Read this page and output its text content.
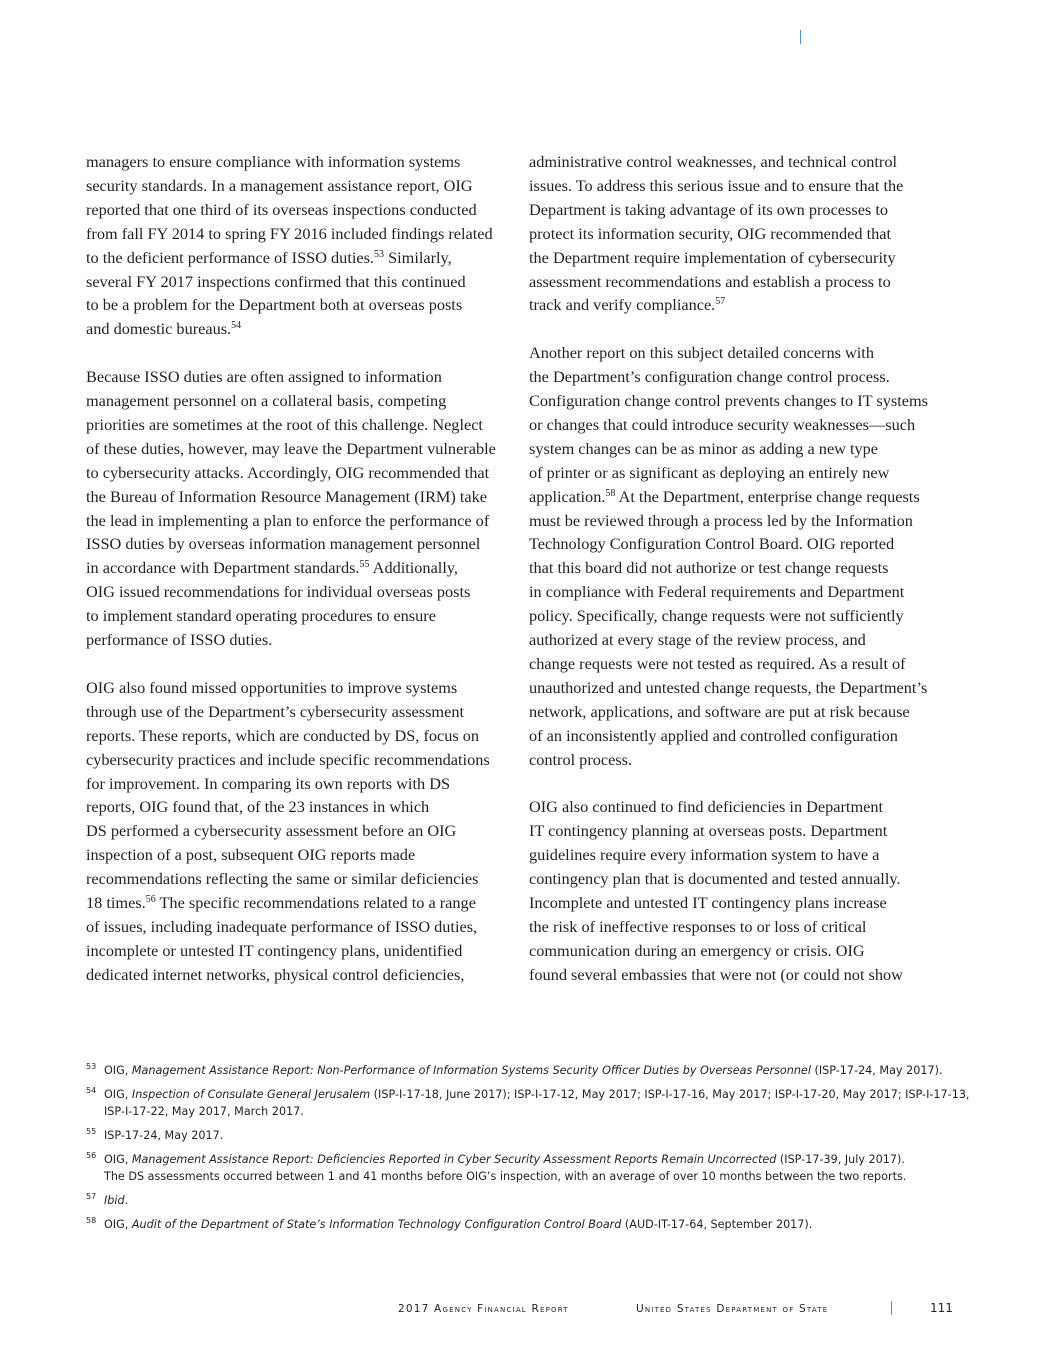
managers to ensure compliance with information systems
security standards. In a management assistance report, OIG
reported that one third of its overseas inspections conducted
from fall FY 2014 to spring FY 2016 included findings related
to the deficient performance of ISSO duties.$^{53}$ Similarly,
several FY 2017 inspections confirmed that this continued
to be a problem for the Department both at overseas posts
and domestic bureaus.$^{54}$

Because ISSO duties are often assigned to information
management personnel on a collateral basis, competing
priorities are sometimes at the root of this challenge. Neglect
of these duties, however, may leave the Department vulnerable
to cybersecurity attacks. Accordingly, OIG recommended that
the Bureau of Information Resource Management (IRM) take
the lead in implementing a plan to enforce the performance of
ISSO duties by overseas information management personnel
in accordance with Department standards.$^{55}$ Additionally,
OIG issued recommendations for individual overseas posts
to implement standard operating procedures to ensure
performance of ISSO duties.

OIG also found missed opportunities to improve systems
through use of the Department’s cybersecurity assessment
reports. These reports, which are conducted by DS, focus on
cybersecurity practices and include specific recommendations
for improvement. In comparing its own reports with DS
reports, OIG found that, of the 23 instances in which
DS performed a cybersecurity assessment before an OIG
inspection of a post, subsequent OIG reports made
recommendations reflecting the same or similar deficiencies
18 times.$^{56}$ The specific recommendations related to a range
of issues, including inadequate performance of ISSO duties,
incomplete or untested IT contingency plans, unidentified
dedicated internet networks, physical control deficiencies,

administrative control weaknesses, and technical control
issues. To address this serious issue and to ensure that the
Department is taking advantage of its own processes to
protect its information security, OIG recommended that
the Department require implementation of cybersecurity
assessment recommendations and establish a process to
track and verify compliance.$^{57}$

Another report on this subject detailed concerns with
the Department’s configuration change control process.
Configuration change control prevents changes to IT systems
or changes that could introduce security weaknesses—such
system changes can be as minor as adding a new type
of printer or as significant as deploying an entirely new
application.$^{58}$ At the Department, enterprise change requests
must be reviewed through a process led by the Information
Technology Configuration Control Board. OIG reported
that this board did not authorize or test change requests
in compliance with Federal requirements and Department
policy. Specifically, change requests were not sufficiently
authorized at every stage of the review process, and
change requests were not tested as required. As a result of
unauthorized and untested change requests, the Department’s
network, applications, and software are put at risk because
of an inconsistently applied and controlled configuration
control process.

OIG also continued to find deficiencies in Department
IT contingency planning at overseas posts. Department
guidelines require every information system to have a
contingency plan that is documented and tested annually.
Incomplete and untested IT contingency plans increase
the risk of ineffective responses to or loss of critical
communication during an emergency or crisis. OIG
found several embassies that were not (or could not show

53 OIG, Management Assistance Report: Non-Performance of Information Systems Security Officer Duties by Overseas Personnel (ISP-17-24, May 2017).
54 OIG, Inspection of Consulate General Jerusalem (ISP-I-17-18, June 2017); ISP-I-17-12, May 2017; ISP-I-17-16, May 2017; ISP-I-17-20, May 2017; ISP-I-17-13,
ISP-I-17-22, May 2017, March 2017.
55 ISP-17-24, May 2017.
56 OIG, Management Assistance Report: Deficiencies Reported in Cyber Security Assessment Reports Remain Uncorrected (ISP-17-39, July 2017).
The DS assessments occurred between 1 and 41 months before OIG’s inspection, with an average of over 10 months between the two reports.
57 Ibid.
58 OIG, Audit of the Department of State’s Information Technology Configuration Control Board (AUD-IT-17-64, September 2017).
2017 Agency Financial Report	United States Department of State	111
